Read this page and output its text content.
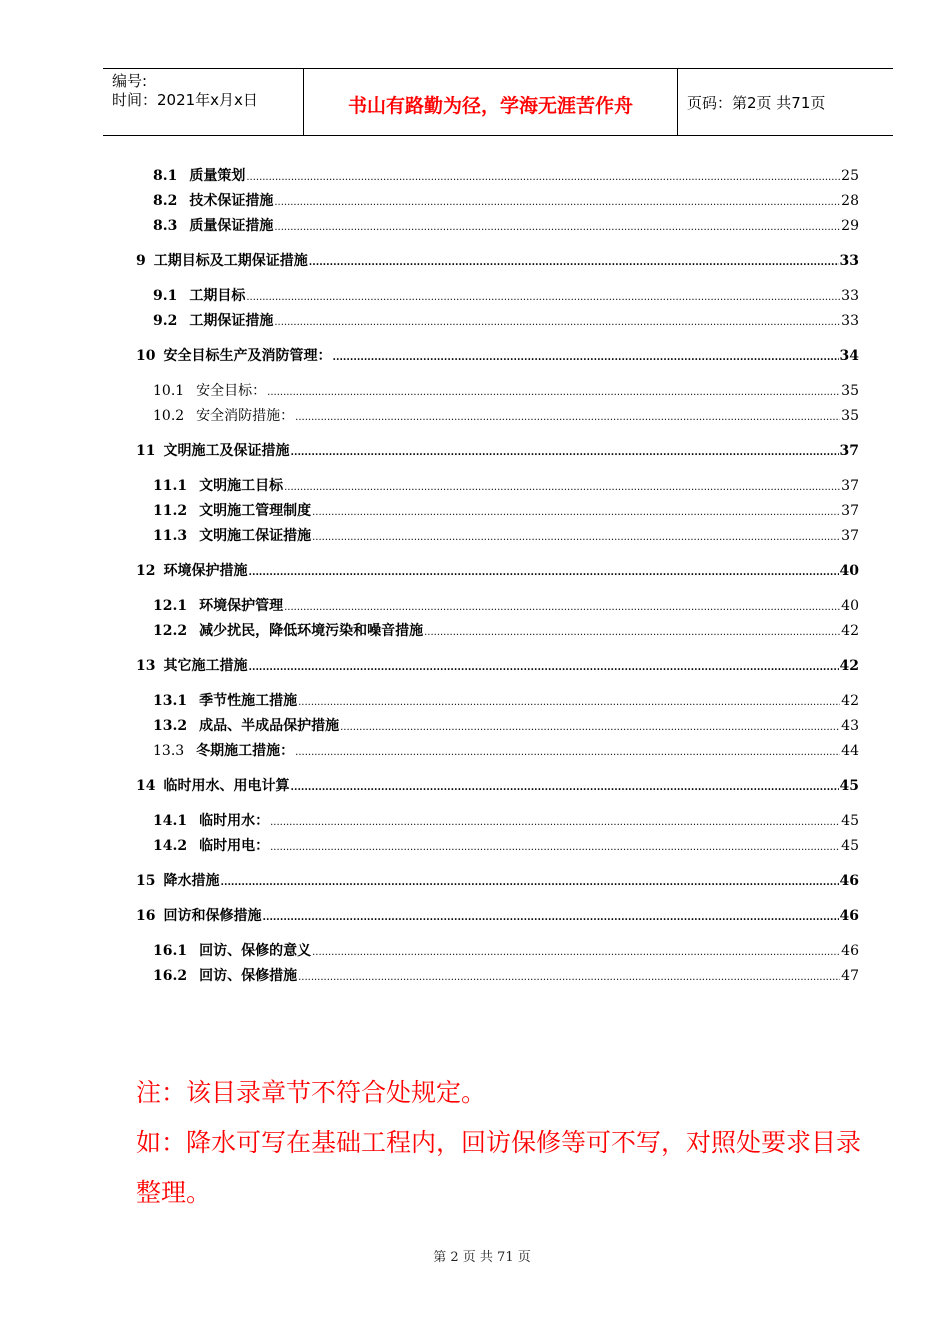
编号:
时间：2021年x月x日	书山有路勤为径，学海无涯苦作舟	页码：第2页 共71页
8.1 质量策划 .....	25
8.2 技术保证措施 .....	28
8.3 质量保证措施 .....	29
9 工期目标及工期保证措施 .....	33
9.1 工期目标 .....	33
9.2 工期保证措施 .....	33
10 安全目标生产及消防管理： .....	34
10.1 安全目标： .....	35
10.2 安全消防措施： .....	35
11 文明施工及保证措施 .....	37
11.1 文明施工目标 .....	37
11.2 文明施工管理制度 .....	37
11.3 文明施工保证措施 .....	37
12 环境保护措施 .....	40
12.1 环境保护管理 .....	40
12.2 减少扰民，降低环境污染和噪音措施 .....	42
13 其它施工措施 .....	42
13.1 季节性施工措施 .....	42
13.2 成品、半成品保护措施 .....	43
13.3 冬期施工措施： .....	44
14 临时用水、用电计算 .....	45
14.1 临时用水： .....	45
14.2 临时用电： .....	45
15 降水措施 .....	46
16 回访和保修措施 .....	46
16.1 回访、保修的意义 .....	46
16.2 回访、保修措施 .....	47
注：该目录章节不符合处规定。
如：降水可写在基础工程内，回访保修等可不写，对照处要求目录整理。
第 2 页 共 71 页
